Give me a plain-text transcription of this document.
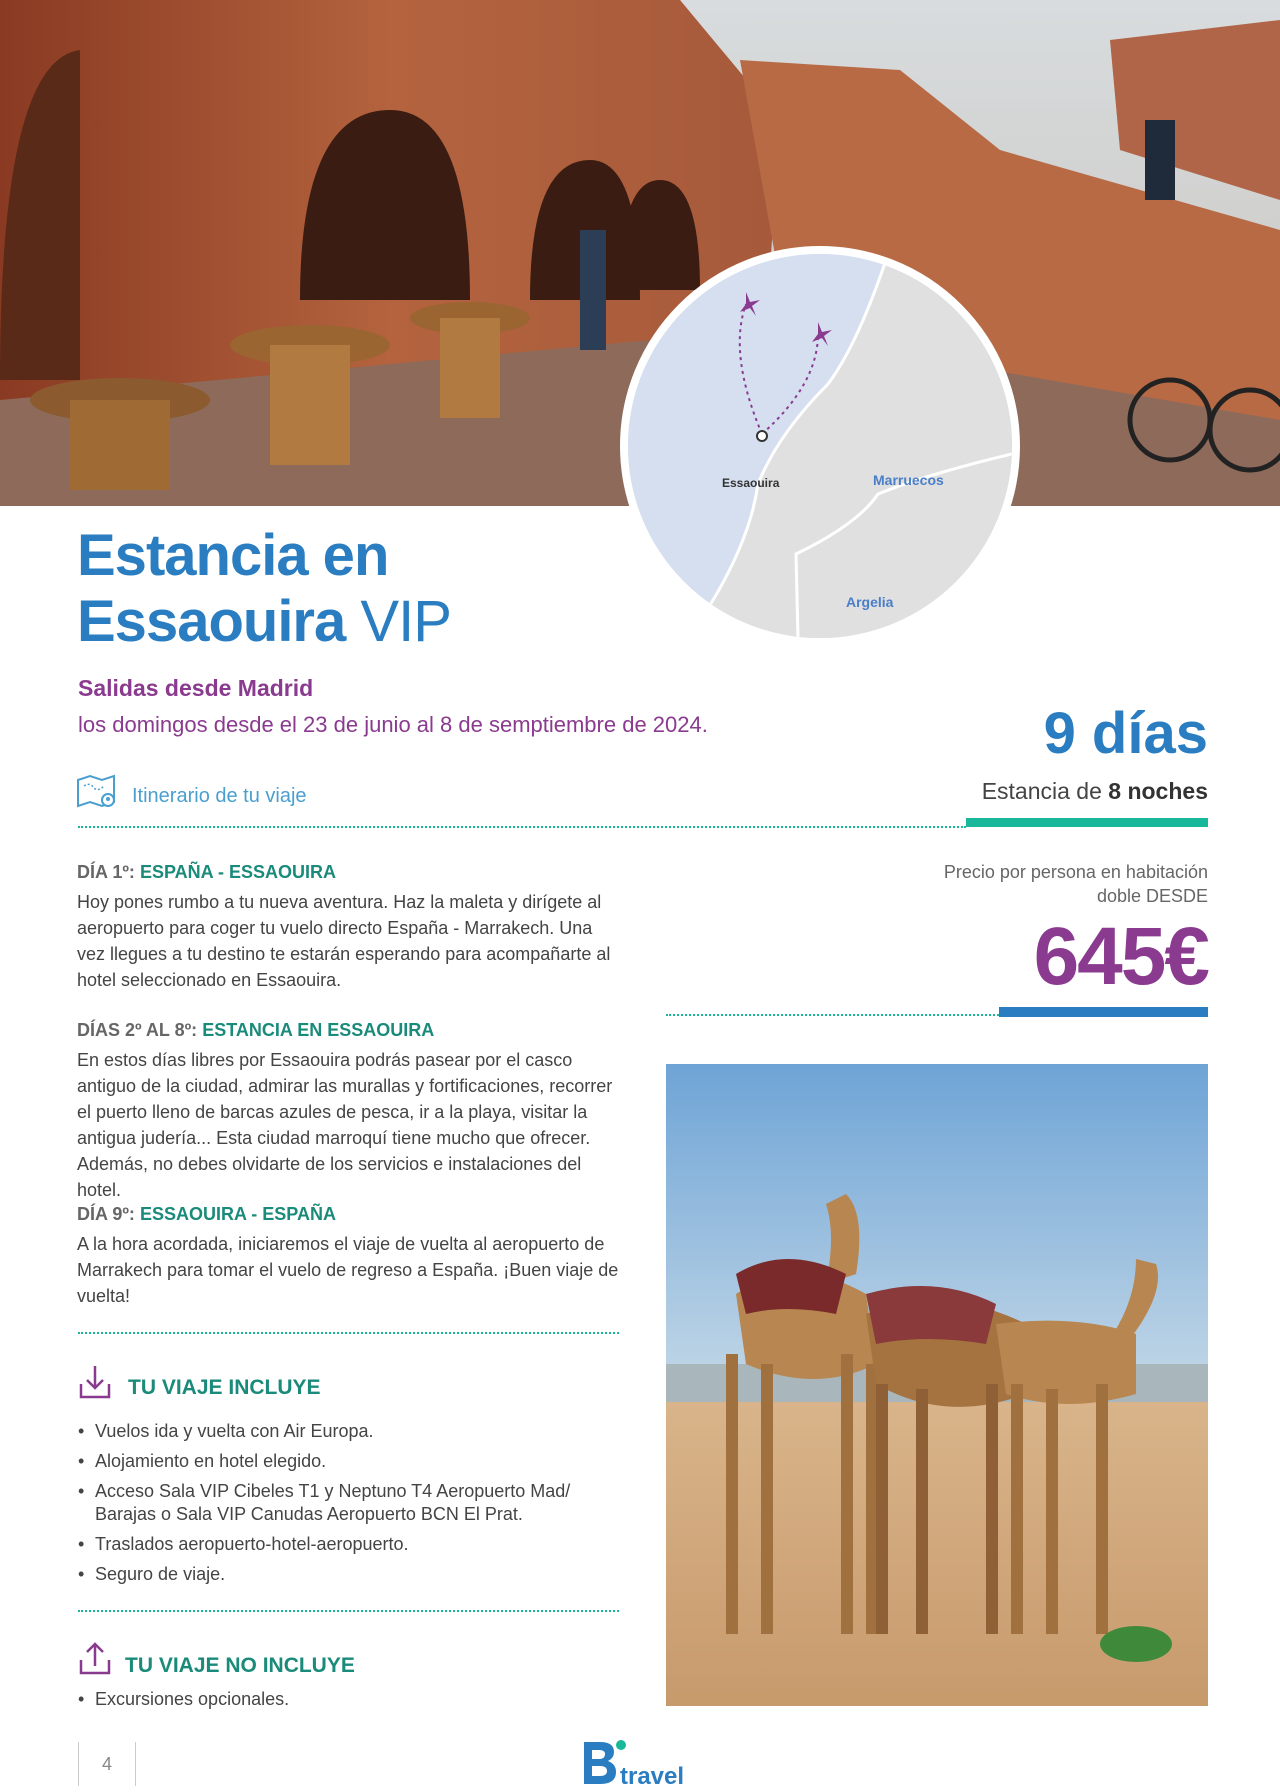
Essaouira	Marruecos
Argelia
Estancia en
Essaouira VIP
Salidas desde Madrid
los domingos desde el 23 de junio al 8 de semptiembre de 2024.	9 días
Estancia de 8 noches
Itinerario de tu viaje
DÍA 1º: ESPAÑA - ESSAOUIRA

Hoy pones rumbo a tu nueva aventura. Haz la maleta y dirígete al aeropuerto para coger tu vuelo directo España - Marrakech. Una vez llegues a tu destino te estarán esperando para acompañarte al hotel seleccionado en Essaouira.

DÍAS 2º AL 8º: ESTANCIA EN ESSAOUIRA

En estos días libres por Essaouira podrás pasear por el casco antiguo de la ciudad, admirar las murallas y fortificaciones, recorrer el puerto lleno de barcas azules de pesca, ir a la playa, visitar la antigua judería... Esta ciudad marroquí tiene mucho que ofrecer. Además, no debes olvidarte de los servicios e instalaciones del hotel.

DÍA 9º: ESSAOUIRA - ESPAÑA

A la hora acordada, iniciaremos el viaje de vuelta al aeropuerto de Marrakech para tomar el vuelo de regreso a España. ¡Buen viaje de vuelta!

Precio por persona en habitación doble DESDE
645€
TU VIAJE INCLUYE
• Vuelos ida y vuelta con Air Europa.
• Alojamiento en hotel elegido.
• Acceso Sala VIP Cibeles T1 y Neptuno T4 Aeropuerto Mad/ Barajas o Sala VIP Canudas Aeropuerto BCN El Prat.
• Traslados aeropuerto-hotel-aeropuerto.
• Seguro de viaje.
TU VIAJE NO INCLUYE
• Excursiones opcionales.
4	travel
